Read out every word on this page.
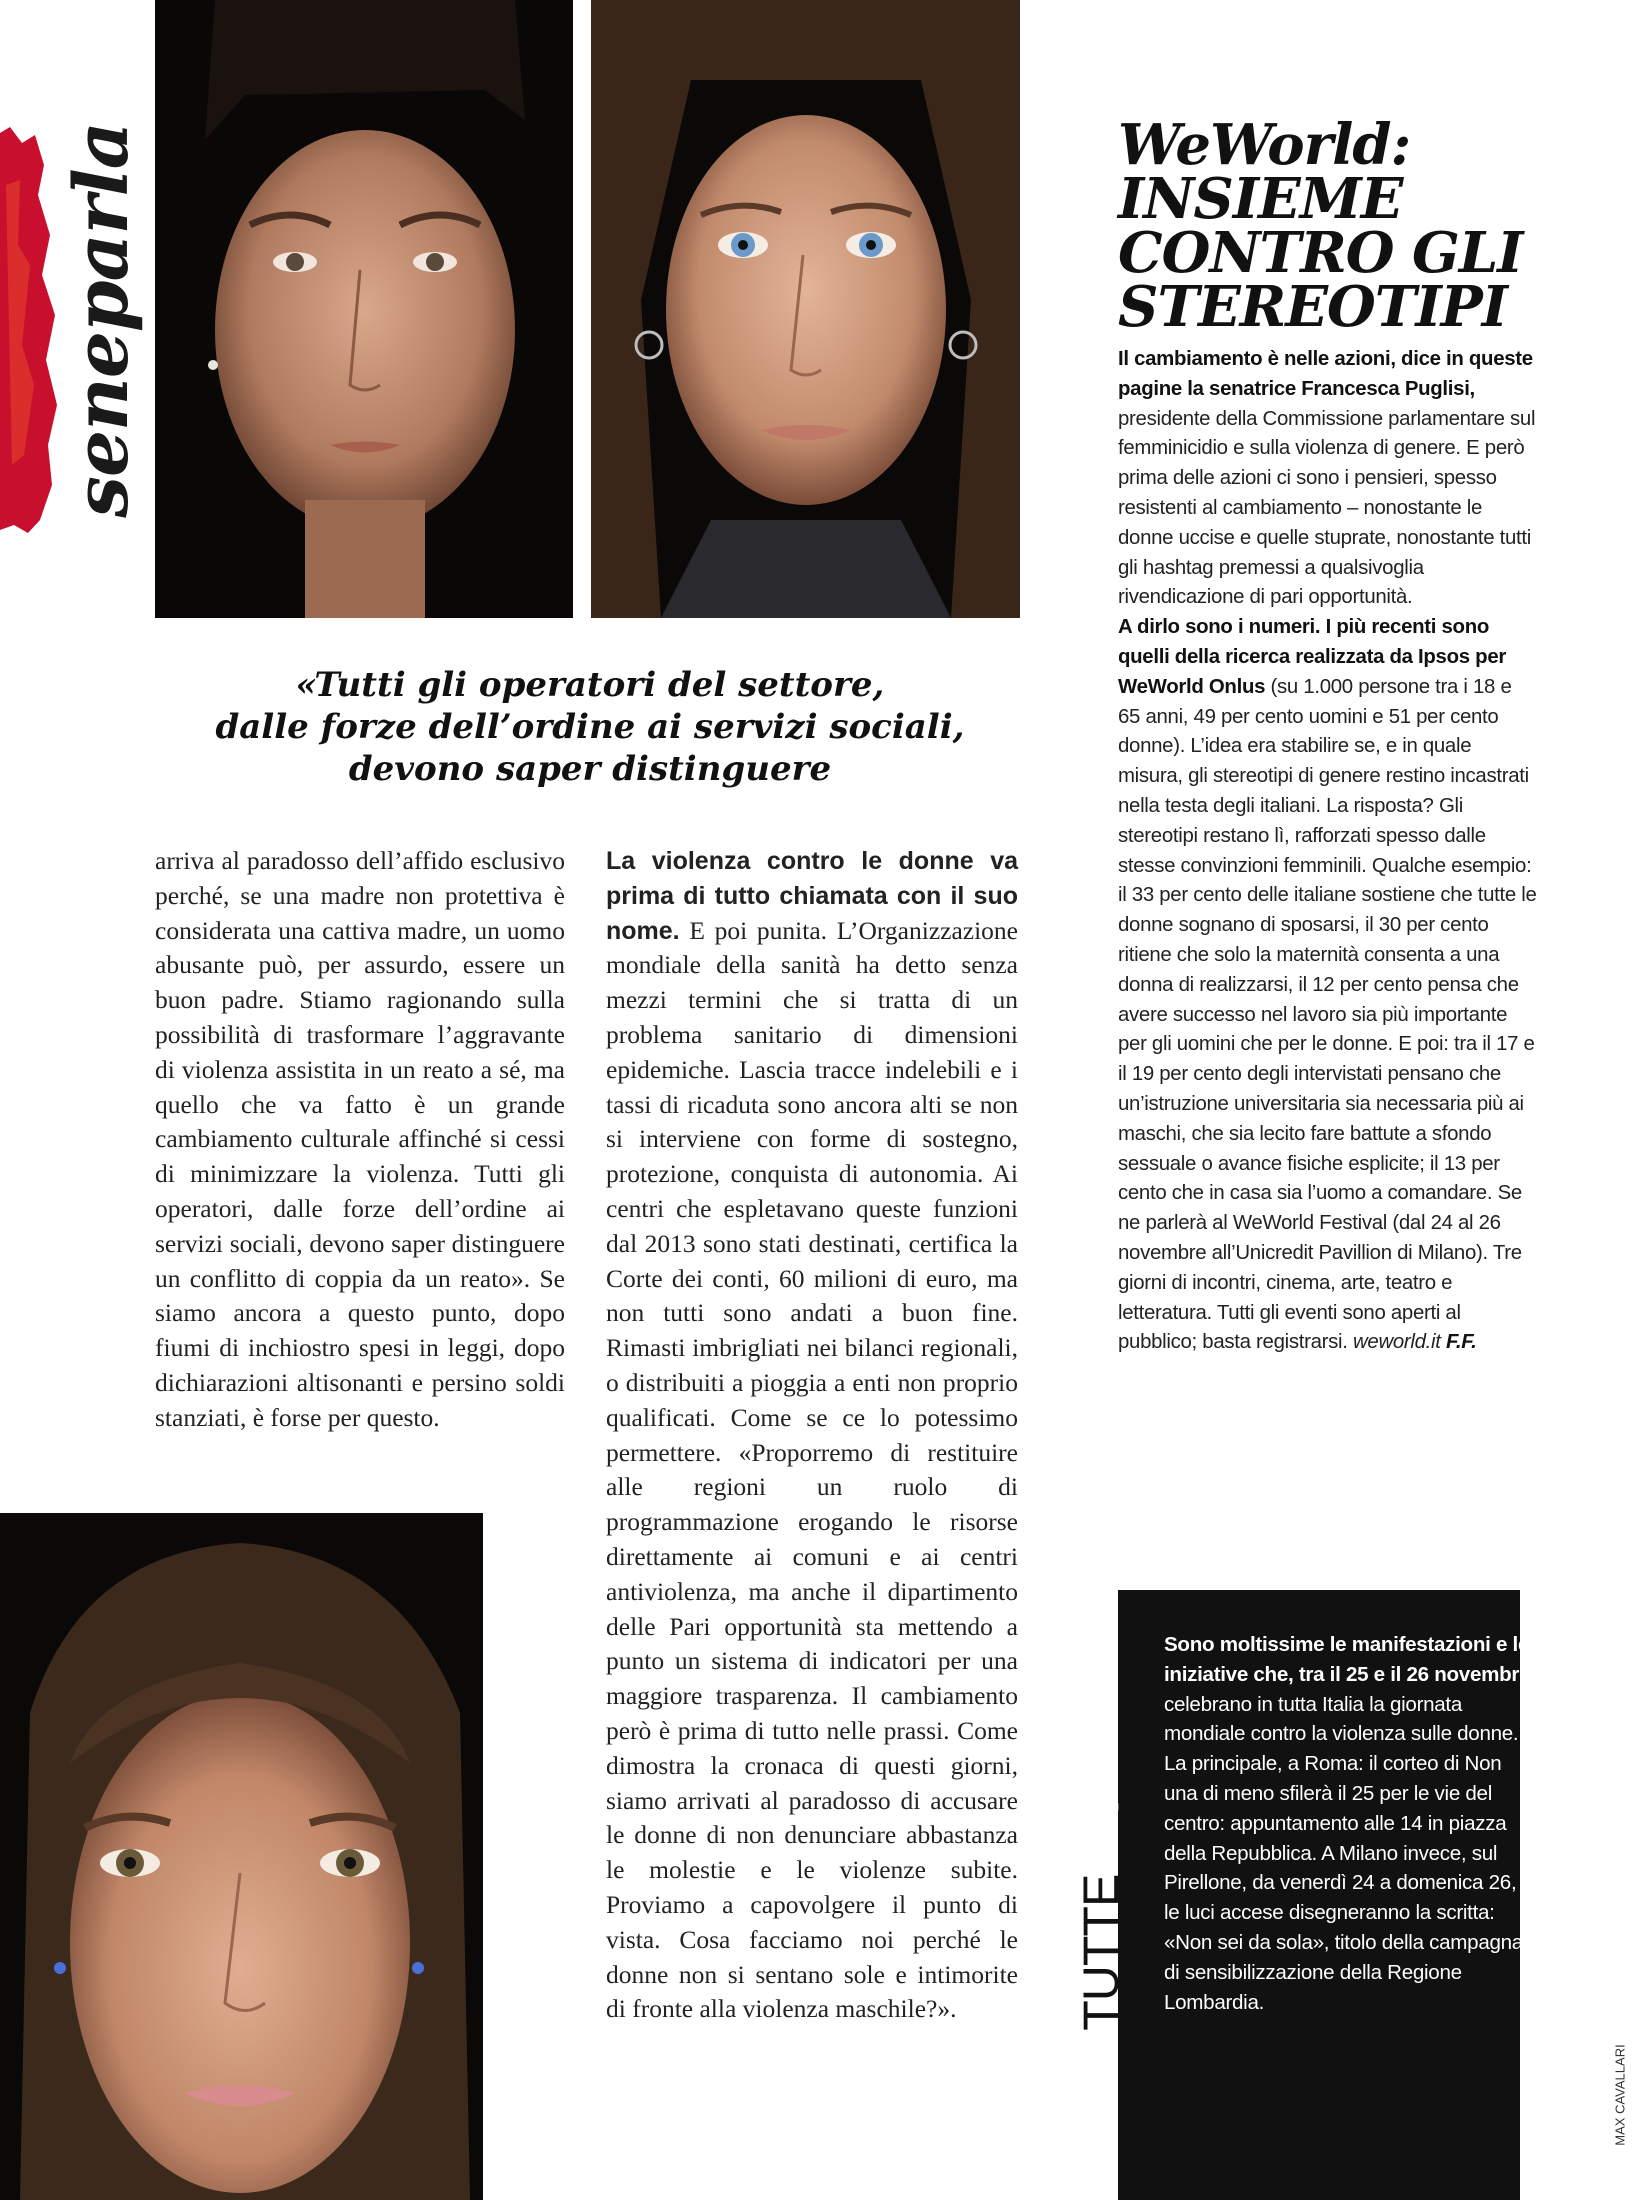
seneparla
«Tutti gli operatori del settore,
dalle forze dell’ordine ai servizi sociali,
devono saper distinguere
arriva al paradosso dell’affido esclusivo perché, se una madre non protettiva è considerata una cattiva madre, un uomo abusante può, per assurdo, essere un buon padre. Stiamo ragionando sulla possibilità di trasformare l’aggravante di violenza assistita in un reato a sé, ma quello che va fatto è un grande cambiamento culturale affinché si cessi di minimizzare la violenza. Tutti gli operatori, dalle forze dell’ordine ai servizi sociali, devono saper distinguere un conflitto di coppia da un reato». Se siamo ancora a questo punto, dopo fiumi di inchiostro spesi in leggi, dopo dichiarazioni altisonanti e persino soldi stanziati, è forse per questo.
La violenza contro le donne va prima di tutto chiamata con il suo nome. E poi punita. L’Organizzazione mondiale della sanità ha detto senza mezzi termini che si tratta di un problema sanitario di dimensioni epidemiche. Lascia tracce indelebili e i tassi di ricaduta sono ancora alti se non si interviene con forme di sostegno, protezione, conquista di autonomia. Ai centri che espletavano queste funzioni dal 2013 sono stati destinati, certifica la Corte dei conti, 60 milioni di euro, ma non tutti sono andati a buon fine. Rimasti imbrigliati nei bilanci regionali, o distribuiti a pioggia a enti non proprio qualificati. Come se ce lo potessimo permettere. «Proporremo di restituire alle regioni un ruolo di programmazione erogando le risorse direttamente ai comuni e ai centri antiviolenza, ma anche il dipartimento delle Pari opportunità sta mettendo a punto un sistema di indicatori per una maggiore trasparenza. Il cambiamento però è prima di tutto nelle prassi. Come dimostra la cronaca di questi giorni, siamo arrivati al paradosso di accusare le donne di non denunciare abbastanza le molestie e le violenze subite. Proviamo a capovolgere il punto di vista. Cosa facciamo noi perché le donne non si sentano sole e intimorite di fronte alla violenza maschile?».
WeWorld:
INSIEME
CONTRO GLI
STEREOTIPI
Il cambiamento è nelle azioni, dice in queste pagine la senatrice Francesca Puglisi, presidente della Commissione parlamentare sul femminicidio e sulla violenza di genere. E però prima delle azioni ci sono i pensieri, spesso resistenti al cambiamento – nonostante le donne uccise e quelle stuprate, nonostante tutti gli hashtag premessi a qualsivoglia rivendicazione di pari opportunità.
A dirlo sono i numeri. I più recenti sono quelli della ricerca realizzata da Ipsos per WeWorld Onlus (su 1.000 persone tra i 18 e 65 anni, 49 per cento uomini e 51 per cento donne). L’idea era stabilire se, e in quale misura, gli stereotipi di genere restino incastrati nella testa degli italiani. La risposta? Gli stereotipi restano lì, rafforzati spesso dalle stesse convinzioni femminili. Qualche esempio: il 33 per cento delle italiane sostiene che tutte le donne sognano di sposarsi, il 30 per cento ritiene che solo la maternità consenta a una donna di realizzarsi, il 12 per cento pensa che avere successo nel lavoro sia più importante per gli uomini che per le donne. E poi: tra il 17 e il 19 per cento degli intervistati pensano che un’istruzione universitaria sia necessaria più ai maschi, che sia lecito fare battute a sfondo sessuale o avance fisiche esplicite; il 13 per cento che in casa sia l’uomo a comandare. Se ne parlerà al WeWorld Festival (dal 24 al 26 novembre all’Unicredit Pavillion di Milano). Tre giorni di incontri, cinema, arte, teatro e letteratura. Tutti gli eventi sono aperti al pubblico; basta registrarsi. weworld.it F.F.
TUTTEIN PIAZZA Sono moltissime le manifestazioni e le iniziative che, tra il 25 e il 26 novembre, celebrano in tutta Italia la giornata mondiale contro la violenza sulle donne. La principale, a Roma: il corteo di Non una di meno sfilerà il 25 per le vie del centro: appuntamento alle 14 in piazza della Repubblica. A Milano invece, sul Pirellone, da venerdì 24 a domenica 26, le luci accese disegneranno la scritta: «Non sei da sola», titolo della campagna di sensibilizzazione della Regione Lombardia.
MAX CAVALLARI
